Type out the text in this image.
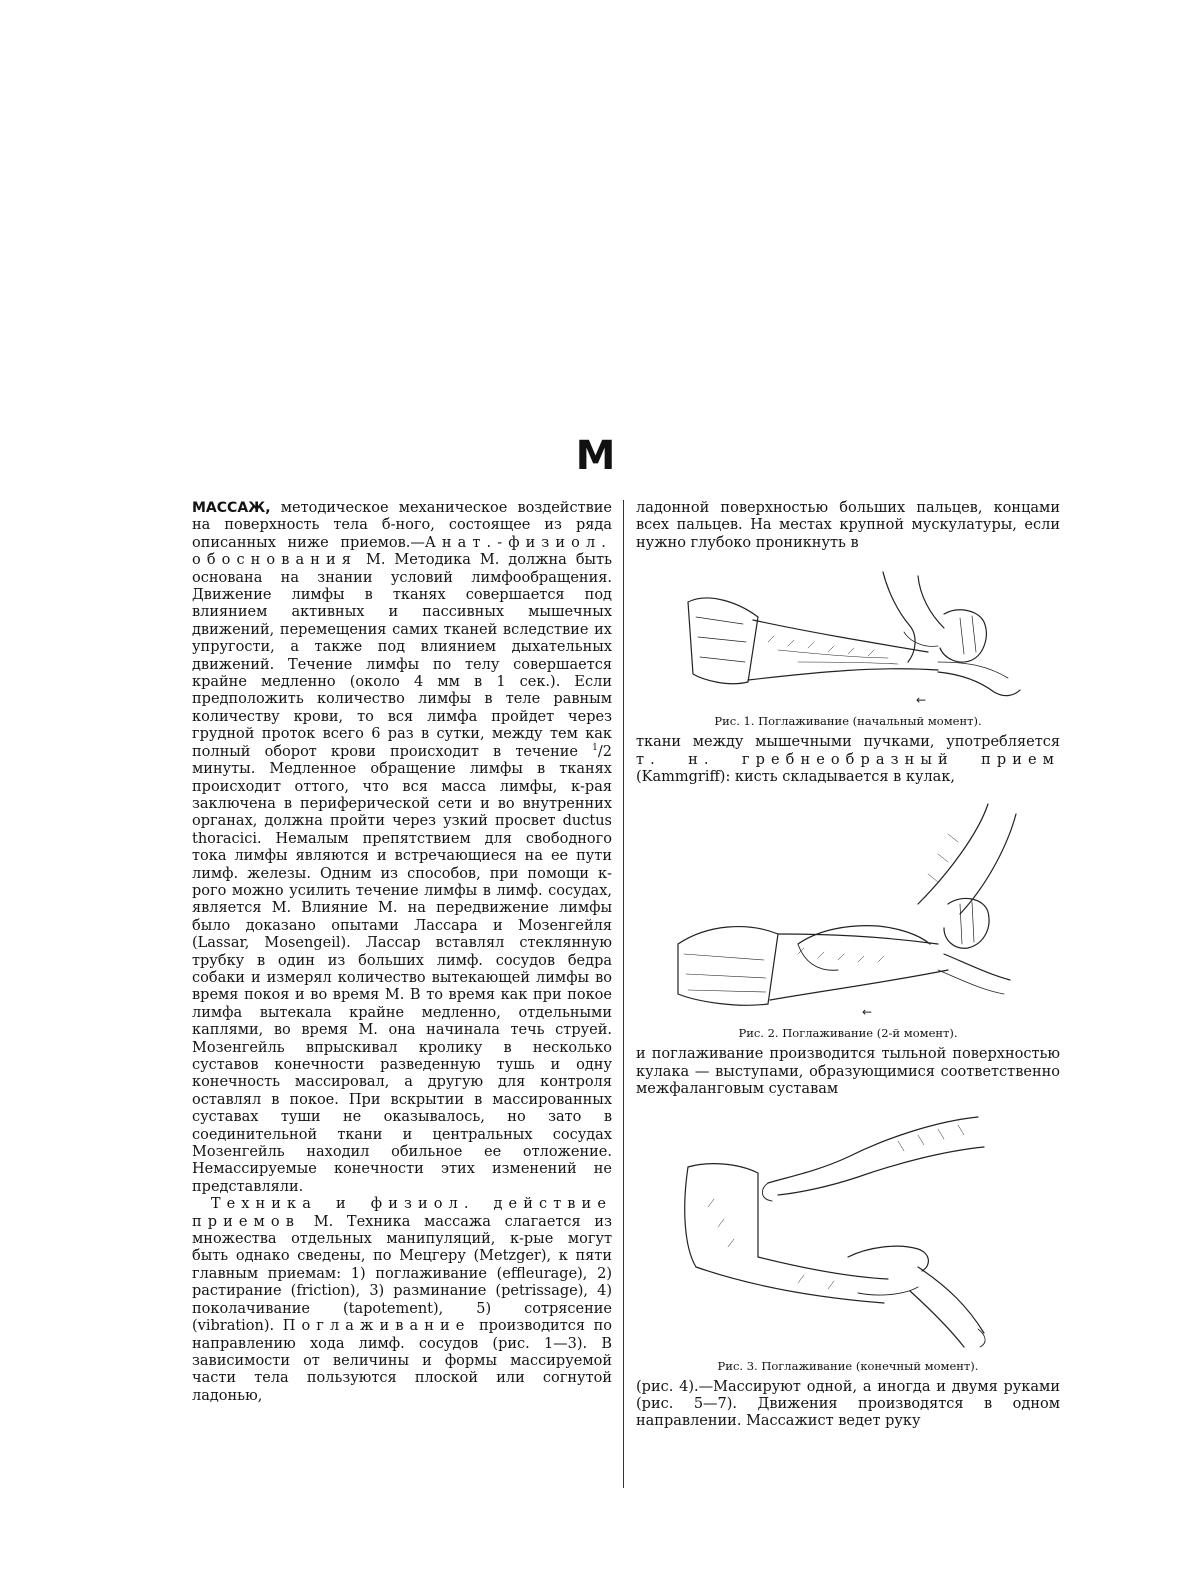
М

МАССАЖ, методическое механическое воздействие на поверхность тела б-ного, состоящее из ряда описанных ниже приемов.—Анат.-физиол. обоснования М. Методика М. должна быть основана на знании условий лимфообращения. Движение лимфы в тканях совершается под влиянием активных и пассивных мышечных движений, перемещения самих тканей вследствие их упругости, а также под влиянием дыхательных движений. Течение лимфы по телу совершается крайне медленно (около 4 мм в 1 сек.). Если предположить количество лимфы в теле равным количеству крови, то вся лимфа пройдет через грудной проток всего 6 раз в сутки, между тем как полный оборот крови происходит в течение $^1$/2 минуты. Медленное обращение лимфы в тканях происходит оттого, что вся масса лимфы, к-рая заключена в периферической сети и во внутренних органах, должна пройти через узкий просвет ductus thoracici. Немалым препятствием для свободного тока лимфы являются и встречающиеся на ее пути лимф. железы. Одним из способов, при помощи к-рого можно усилить течение лимфы в лимф. сосудах, является М. Влияние М. на передвижение лимфы было доказано опытами Лассара и Мозенгейля (Lassar, Mosengeil). Лассар вставлял стеклянную трубку в один из больших лимф. сосудов бедра собаки и измерял количество вытекающей лимфы во время покоя и во время М. В то время как при покое лимфа вытекала крайне медленно, отдельными каплями, во время М. она начинала течь струей. Мозенгейль впрыскивал кролику в несколько суставов конечности разведенную тушь и одну конечность массировал, а другую для контроля оставлял в покое. При вскрытии в массированных суставах туши не оказывалось, но зато в соединительной ткани и центральных сосудах Мозенгейль находил обильное ее отложение. Немассируемые конечности этих изменений не представляли.

Техника и физиол. действие приемов М. Техника массажа слагается из множества отдельных манипуляций, к-рые могут быть однако сведены, по Мецгеру (Metzger), к пяти главным приемам: 1) поглаживание (effleurage), 2) растирание (friction), 3) разминание (petrissage), 4) поколачивание (tapotement), 5) сотрясение (vibration). Поглаживание производится по направлению хода лимф. сосудов (рис. 1—3). В зависимости от величины и формы массируемой части тела пользуются плоской или согнутой ладонью,

ладонной поверхностью больших пальцев, концами всех пальцев. На местах крупной мускулатуры, если нужно глубоко проникнуть в

←
Рис. 1. Поглаживание (начальный момент).

ткани между мышечными пучками, употребляется т. н. гребнеобразный прием (Kammgriff): кисть складывается в кулак,

←
Рис. 2. Поглаживание (2-й момент).

и поглаживание производится тыльной поверхностью кулака — выступами, образующимися соответственно межфаланговым суставам

Рис. 3. Поглаживание (конечный момент).

(рис. 4).—Массируют одной, а иногда и двумя руками (рис. 5—7). Движения производятся в одном направлении. Массажист ведет руку
